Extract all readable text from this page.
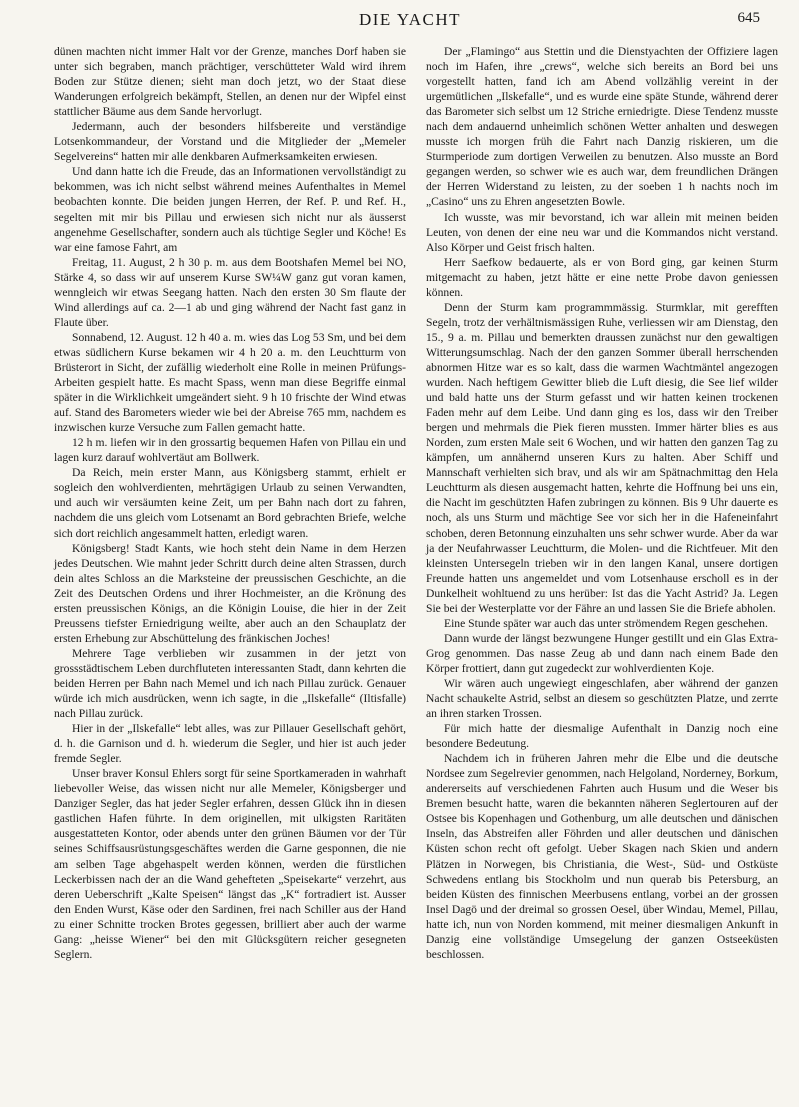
DIE YACHT	645

dünen machten nicht immer Halt vor der Grenze, manches Dorf haben sie unter sich begraben, manch prächtiger, verschütteter Wald wird ihrem Boden zur Stütze dienen; sieht man doch jetzt, wo der Staat diese Wanderungen erfolgreich bekämpft, Stellen, an denen nur der Wipfel einst stattlicher Bäume aus dem Sande hervorlugt.

Jedermann, auch der besonders hilfsbereite und verständige Lotsenkommandeur, der Vorstand und die Mitglieder der „Memeler Segelvereins“ hatten mir alle denkbaren Aufmerksamkeiten erwiesen.

Und dann hatte ich die Freude, das an Informationen vervollständigt zu bekommen, was ich nicht selbst während meines Aufenthaltes in Memel beobachten konnte. Die beiden jungen Herren, der Ref. P. und Ref. H., segelten mit mir bis Pillau und erwiesen sich nicht nur als äusserst angenehme Gesellschafter, sondern auch als tüchtige Segler und Köche! Es war eine famose Fahrt, am

Freitag, 11. August, 2 h 30 p. m. aus dem Bootshafen Memel bei NO, Stärke 4, so dass wir auf unserem Kurse SW¼W ganz gut voran kamen, wenngleich wir etwas Seegang hatten. Nach den ersten 30 Sm flaute der Wind allerdings auf ca. 2—1 ab und ging während der Nacht fast ganz in Flaute über.

Sonnabend, 12. August. 12 h 40 a. m. wies das Log 53 Sm, und bei dem etwas südlichern Kurse bekamen wir 4 h 20 a. m. den Leuchtturm von Brüsterort in Sicht, der zufällig wiederholt eine Rolle in meinen Prüfungs-Arbeiten gespielt hatte. Es macht Spass, wenn man diese Begriffe einmal später in die Wirklichkeit umgeändert sieht. 9 h 10 frischte der Wind etwas auf. Stand des Barometers wieder wie bei der Abreise 765 mm, nachdem es inzwischen kurze Versuche zum Fallen gemacht hatte.

12 h m. liefen wir in den grossartig bequemen Hafen von Pillau ein und lagen kurz darauf wohlvertäut am Bollwerk.

Da Reich, mein erster Mann, aus Königsberg stammt, erhielt er sogleich den wohlverdienten, mehrtägigen Urlaub zu seinen Verwandten, und auch wir versäumten keine Zeit, um per Bahn nach dort zu fahren, nachdem die uns gleich vom Lotsenamt an Bord gebrachten Briefe, welche sich dort reichlich angesammelt hatten, erledigt waren.

Königsberg! Stadt Kants, wie hoch steht dein Name in dem Herzen jedes Deutschen. Wie mahnt jeder Schritt durch deine alten Strassen, durch dein altes Schloss an die Marksteine der preussischen Geschichte, an die Zeit des Deutschen Ordens und ihrer Hochmeister, an die Krönung des ersten preussischen Königs, an die Königin Louise, die hier in der Zeit Preussens tiefster Erniedrigung weilte, aber auch an den Schauplatz der ersten Erhebung zur Abschüttelung des fränkischen Joches!

Mehrere Tage verblieben wir zusammen in der jetzt von grossstädtischem Leben durchfluteten interessanten Stadt, dann kehrten die beiden Herren per Bahn nach Memel und ich nach Pillau zurück. Genauer würde ich mich ausdrücken, wenn ich sagte, in die „Ilskefalle“ (Iltisfalle) nach Pillau zurück.

Hier in der „Ilskefalle“ lebt alles, was zur Pillauer Gesellschaft gehört, d. h. die Garnison und d. h. wiederum die Segler, und hier ist auch jeder fremde Segler.

Unser braver Konsul Ehlers sorgt für seine Sportkameraden in wahrhaft liebevoller Weise, das wissen nicht nur alle Memeler, Königsberger und Danziger Segler, das hat jeder Segler erfahren, dessen Glück ihn in diesen gastlichen Hafen führte. In dem originellen, mit ulkigsten Raritäten ausgestatteten Kontor, oder abends unter den grünen Bäumen vor der Tür seines Schiffsausrüstungsgeschäftes werden die Garne gesponnen, die nie am selben Tage abgehaspelt werden können, werden die fürstlichen Leckerbissen nach der an die Wand gehefteten „Speisekarte“ verzehrt, aus deren Ueberschrift „Kalte Speisen“ längst das „K“ fortradiert ist. Ausser den Enden Wurst, Käse oder den Sardinen, frei nach Schiller aus der Hand zu einer Schnitte trocken Brotes gegessen, brilliert aber auch der warme Gang: „heisse Wiener“ bei den mit Glücksgütern reicher gesegneten Seglern.

Der „Flamingo“ aus Stettin und die Dienstyachten der Offiziere lagen noch im Hafen, ihre „crews“, welche sich bereits an Bord bei uns vorgestellt hatten, fand ich am Abend vollzählig vereint in der urgemütlichen „Ilskefalle“, und es wurde eine späte Stunde, während derer das Barometer sich selbst um 12 Striche erniedrigte. Diese Tendenz musste nach dem andauernd unheimlich schönen Wetter anhalten und deswegen musste ich morgen früh die Fahrt nach Danzig riskieren, um die Sturmperiode zum dortigen Verweilen zu benutzen. Also musste an Bord gegangen werden, so schwer wie es auch war, dem freundlichen Drängen der Herren Widerstand zu leisten, zu der soeben 1 h nachts noch im „Casino“ uns zu Ehren angesetzten Bowle.

Ich wusste, was mir bevorstand, ich war allein mit meinen beiden Leuten, von denen der eine neu war und die Kommandos nicht verstand. Also Körper und Geist frisch halten.

Herr Saefkow bedauerte, als er von Bord ging, gar keinen Sturm mitgemacht zu haben, jetzt hätte er eine nette Probe davon geniessen können.

Denn der Sturm kam programmmässig. Sturmklar, mit gerefften Segeln, trotz der verhältnismässigen Ruhe, verliessen wir am Dienstag, den 15., 9 a. m. Pillau und bemerkten draussen zunächst nur den gewaltigen Witterungsumschlag. Nach der den ganzen Sommer überall herrschenden abnormen Hitze war es so kalt, dass die warmen Wachtmäntel angezogen wurden. Nach heftigem Gewitter blieb die Luft diesig, die See lief wilder und bald hatte uns der Sturm gefasst und wir hatten keinen trockenen Faden mehr auf dem Leibe. Und dann ging es los, dass wir den Treiber bergen und mehrmals die Piek fieren mussten. Immer härter blies es aus Norden, zum ersten Male seit 6 Wochen, und wir hatten den ganzen Tag zu kämpfen, um annähernd unseren Kurs zu halten. Aber Schiff und Mannschaft verhielten sich brav, und als wir am Spätnachmittag den Hela Leuchtturm als diesen ausgemacht hatten, kehrte die Hoffnung bei uns ein, die Nacht im geschützten Hafen zubringen zu können. Bis 9 Uhr dauerte es noch, als uns Sturm und mächtige See vor sich her in die Hafeneinfahrt schoben, deren Betonnung einzuhalten uns sehr schwer wurde. Aber da war ja der Neufahrwasser Leuchtturm, die Molen- und die Richtfeuer. Mit den kleinsten Untersegeln trieben wir in den langen Kanal, unsere dortigen Freunde hatten uns angemeldet und vom Lotsenhause erscholl es in der Dunkelheit wohltuend zu uns herüber: Ist das die Yacht Astrid? Ja. Legen Sie bei der Westerplatte vor der Fähre an und lassen Sie die Briefe abholen.

Eine Stunde später war auch das unter strömendem Regen geschehen.

Dann wurde der längst bezwungene Hunger gestillt und ein Glas Extra-Grog genommen. Das nasse Zeug ab und dann nach einem Bade den Körper frottiert, dann gut zugedeckt zur wohlverdienten Koje.

Wir wären auch ungewiegt eingeschlafen, aber während der ganzen Nacht schaukelte Astrid, selbst an diesem so geschützten Platze, und zerrte an ihren starken Trossen.

Für mich hatte der diesmalige Aufenthalt in Danzig noch eine besondere Bedeutung.

Nachdem ich in früheren Jahren mehr die Elbe und die deutsche Nordsee zum Segelrevier genommen, nach Helgoland, Norderney, Borkum, andererseits auf verschiedenen Fahrten auch Husum und die Weser bis Bremen besucht hatte, waren die bekannten näheren Seglertouren auf der Ostsee bis Kopenhagen und Gothenburg, um alle deutschen und dänischen Inseln, das Abstreifen aller Föhrden und aller deutschen und dänischen Küsten schon recht oft gefolgt. Ueber Skagen nach Skien und andern Plätzen in Norwegen, bis Christiania, die West-, Süd- und Ostküste Schwedens entlang bis Stockholm und nun querab bis Petersburg, an beiden Küsten des finnischen Meerbusens entlang, vorbei an der grossen Insel Dagö und der dreimal so grossen Oesel, über Windau, Memel, Pillau, hatte ich, nun von Norden kommend, mit meiner diesmaligen Ankunft in Danzig eine vollständige Umsegelung der ganzen Ostseeküsten beschlossen.
